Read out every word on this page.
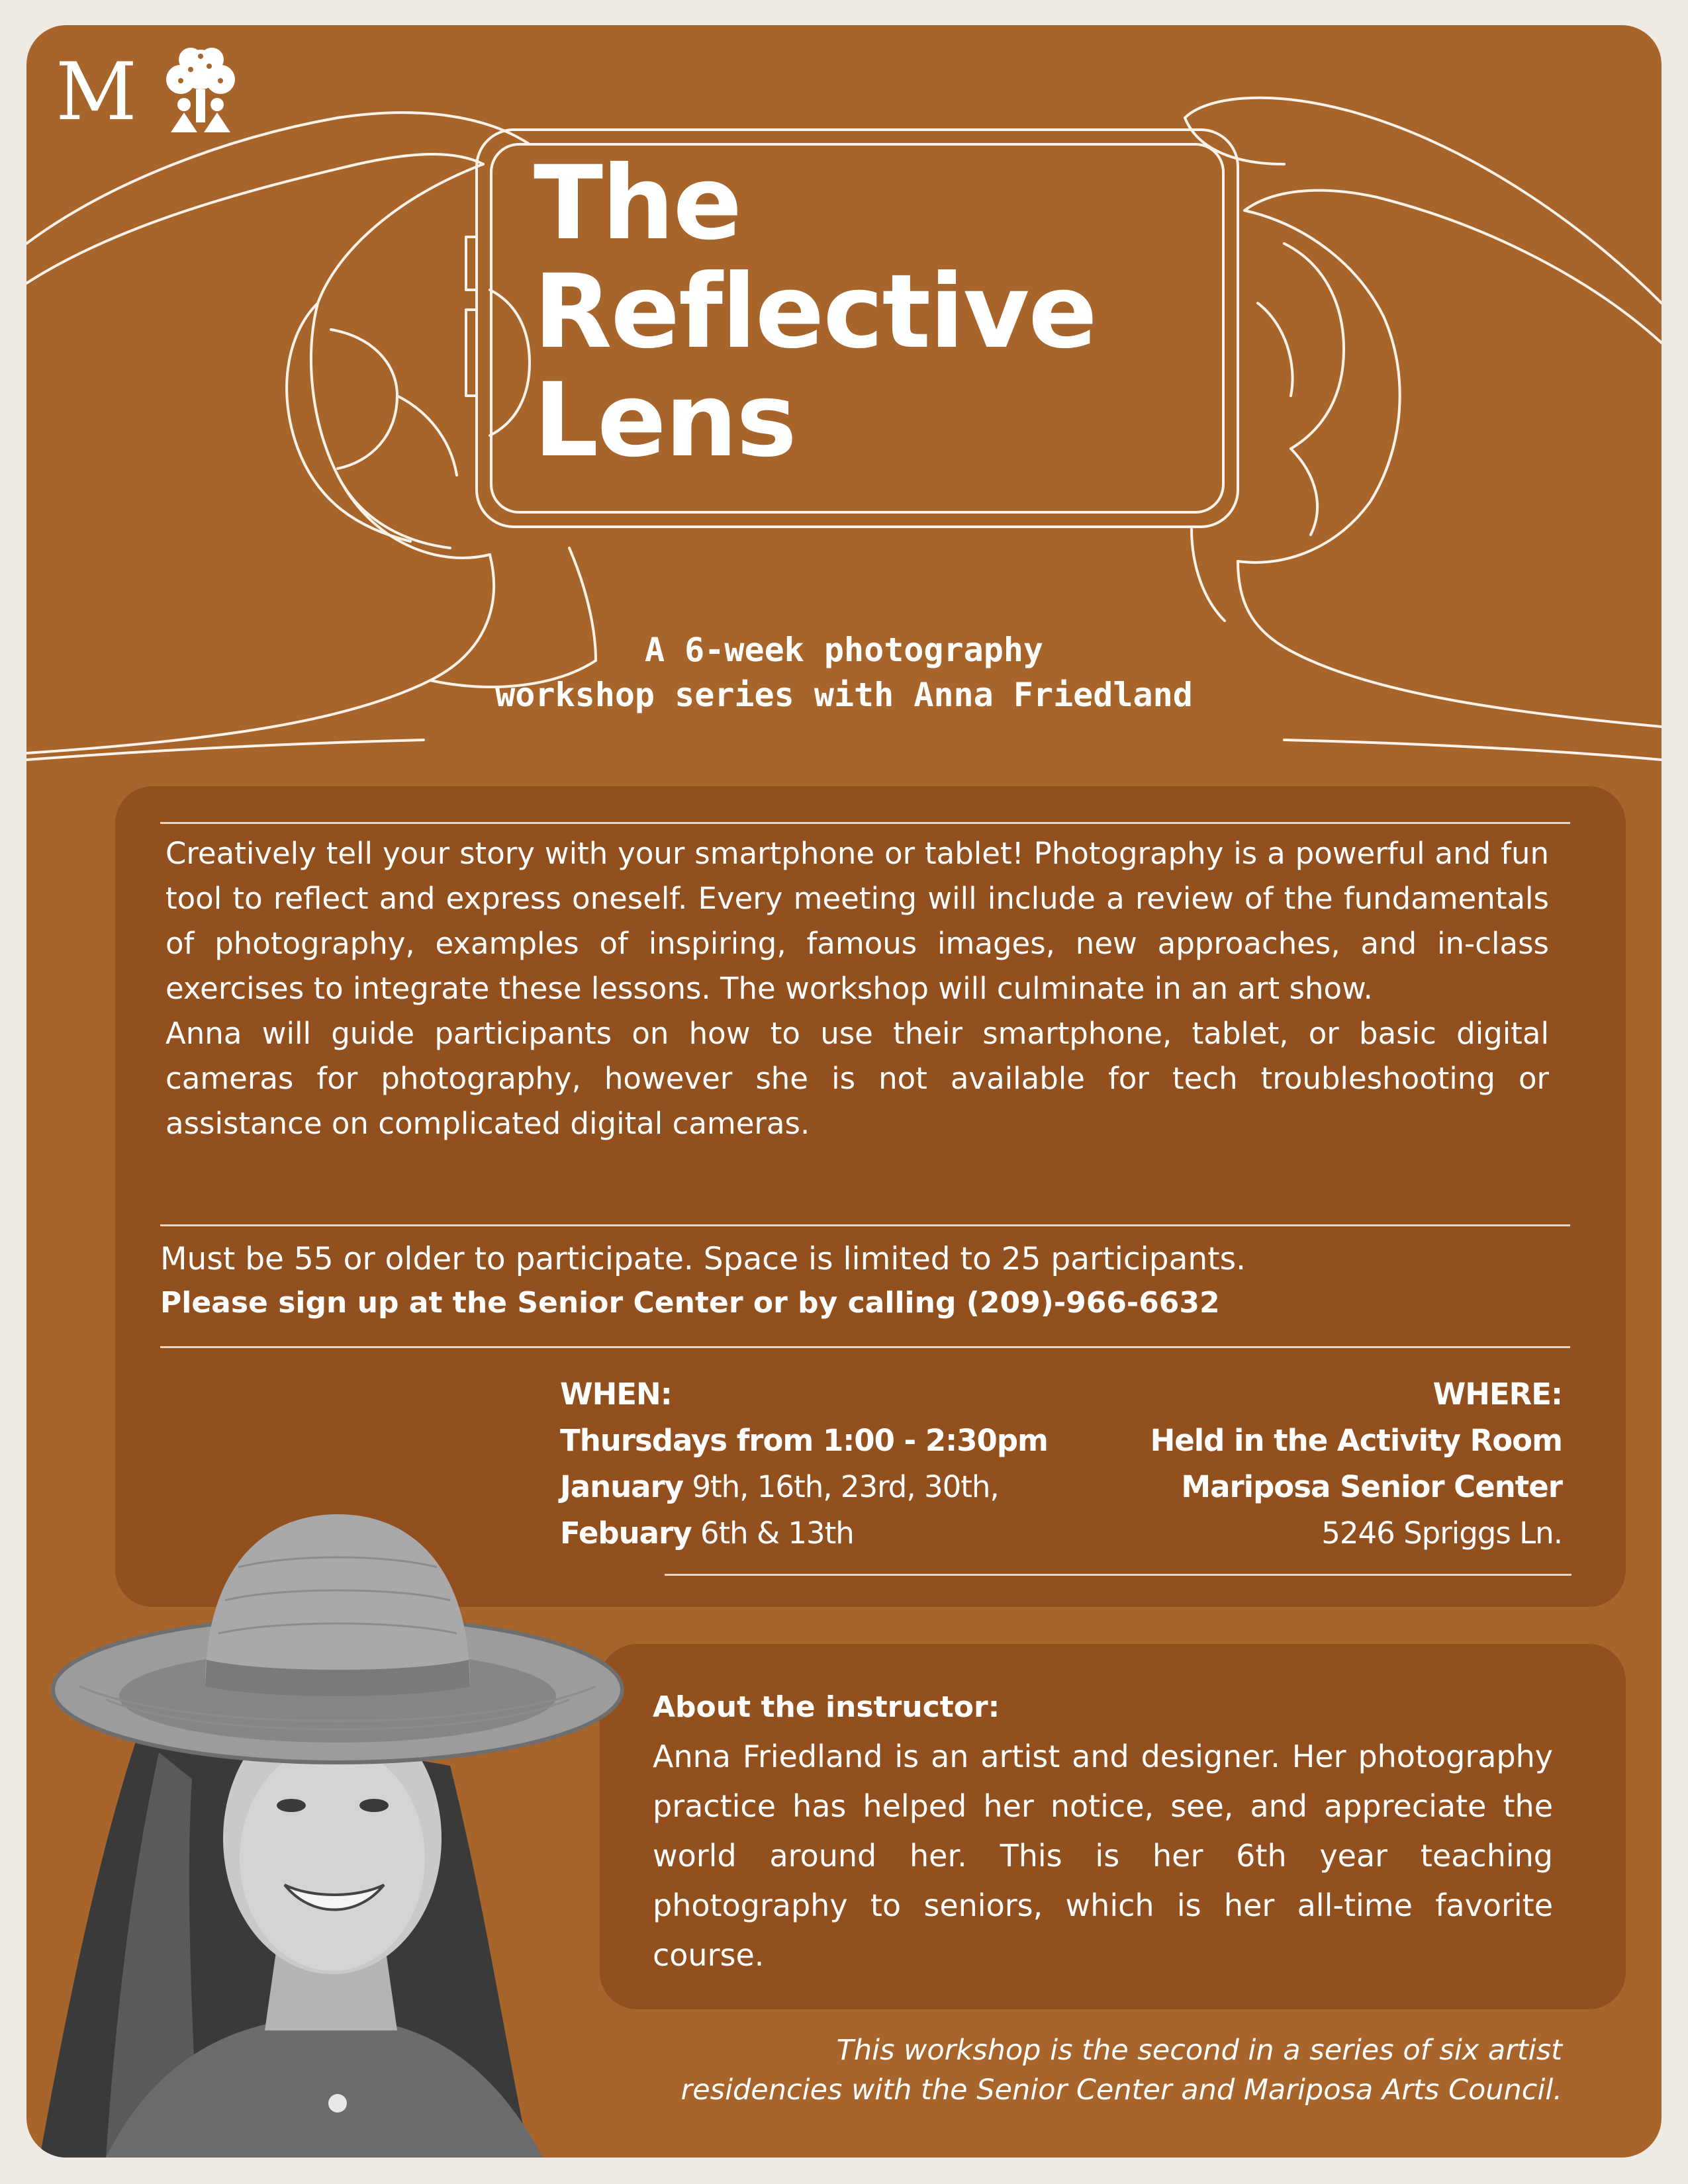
M
The
Reflective
Lens
A 6-week photography
workshop series with Anna Friedland

Creatively tell your story with your smartphone or tablet! Photography is a powerful and fun tool to reflect and express oneself. Every meeting will include a review of the fundamentals of photography, examples of inspiring, famous images, new approaches, and in-class exercises to integrate these lessons. The workshop will culminate in an art show.

Anna will guide participants on how to use their smartphone, tablet, or basic digital cameras for photography, however she is not available for tech troubleshooting or assistance on complicated digital cameras.

Must be 55 or older to participate. Space is limited to 25 participants.
Please sign up at the Senior Center or by calling (209)-966-6632
WHEN:
Thursdays from 1:00 - 2:30pm
January 9th, 16th, 23rd, 30th,
Febuary 6th & 13th
WHERE:
Held in the Activity Room
Mariposa Senior Center
5246 Spriggs Ln.

About the instructor:

Anna Friedland is an artist and designer. Her photography practice has helped her notice, see, and appreciate the world around her. This is her 6th year teaching photography to seniors, which is her all-time favorite course.

This workshop is the second in a series of six artist
residencies with the Senior Center and Mariposa Arts Council.
